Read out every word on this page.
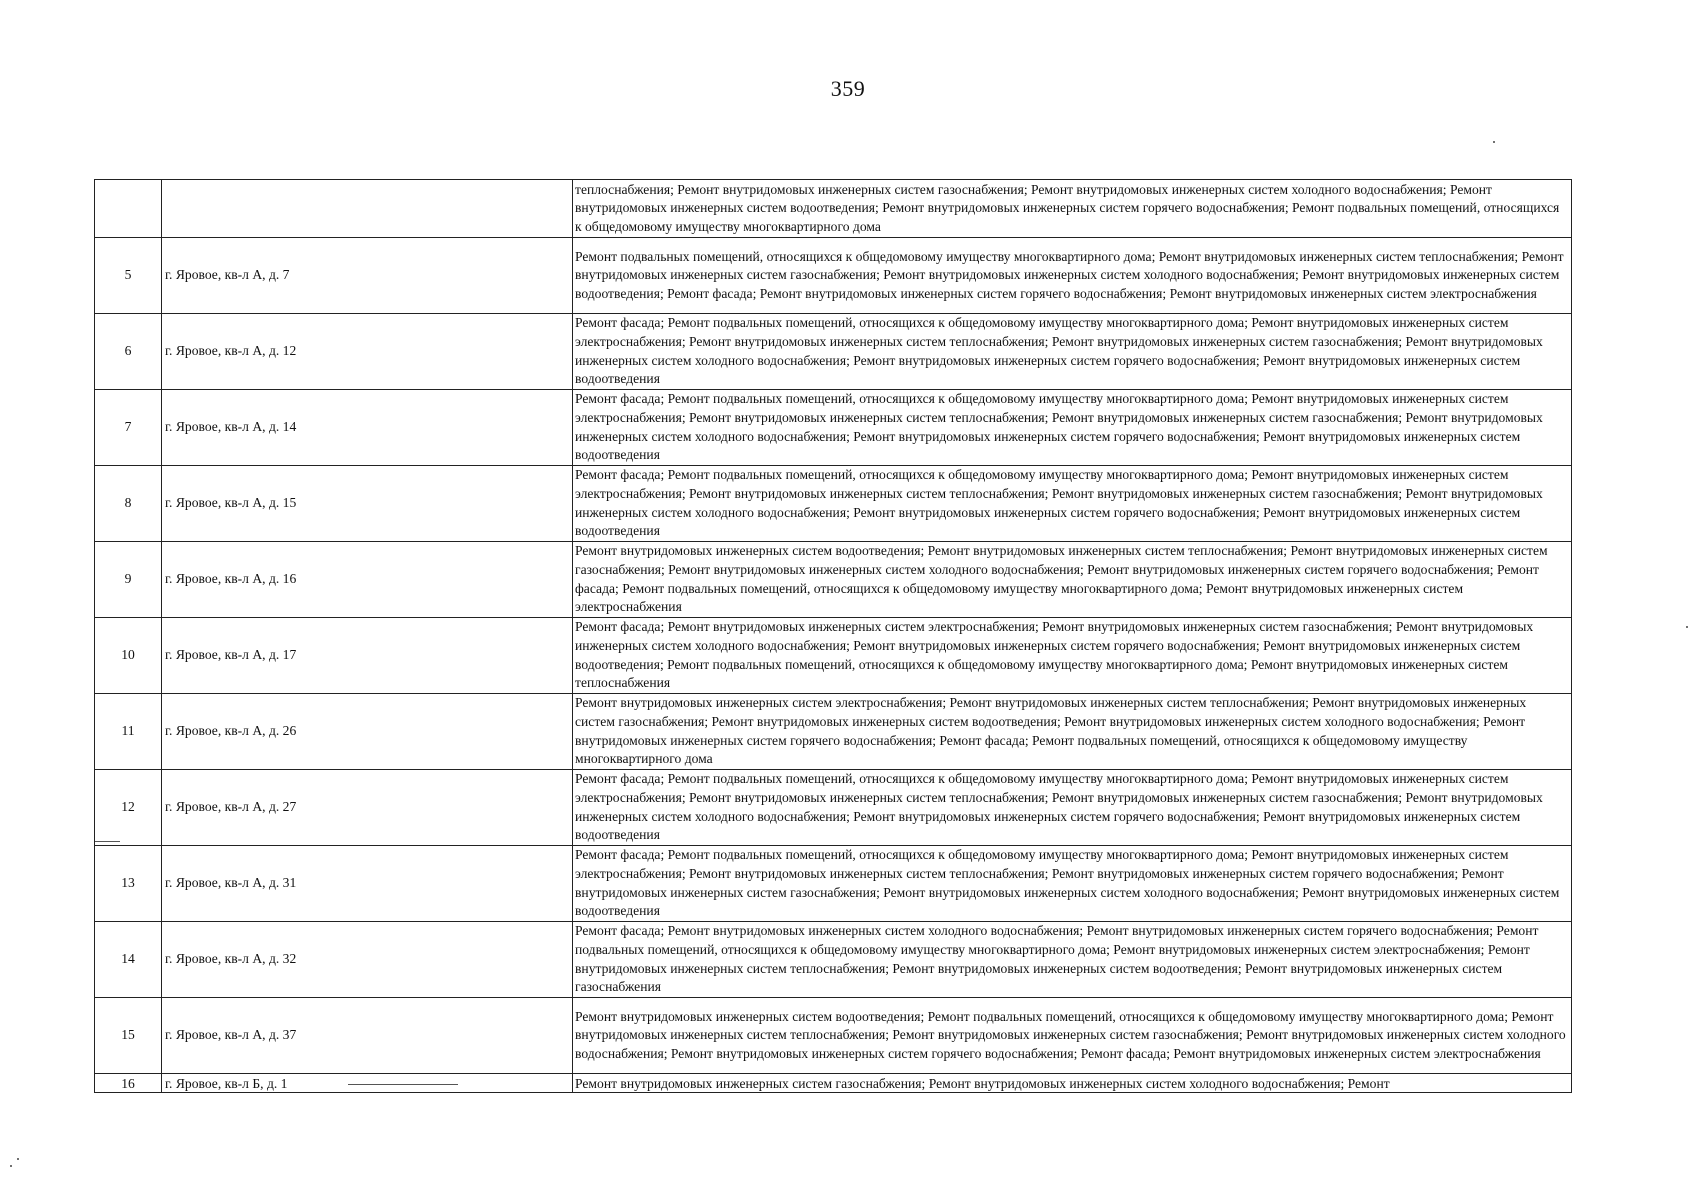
359
		теплоснабжения; Ремонт внутридомовых инженерных систем газоснабжения; Ремонт внутридомовых инженерных систем холодного водоснабжения; Ремонт внутридомовых инженерных систем водоотведения; Ремонт внутридомовых инженерных систем горячего водоснабжения; Ремонт подвальных помещений, относящихся к общедомовому имуществу многоквартирного дома
5	г. Яровое, кв-л А, д. 7	Ремонт подвальных помещений, относящихся к общедомовому имуществу многоквартирного дома; Ремонт внутридомовых инженерных систем теплоснабжения; Ремонт внутридомовых инженерных систем газоснабжения; Ремонт внутридомовых инженерных систем холодного водоснабжения; Ремонт внутридомовых инженерных систем водоотведения; Ремонт фасада; Ремонт внутридомовых инженерных систем горячего водоснабжения; Ремонт внутридомовых инженерных систем электроснабжения
6	г. Яровое, кв-л А, д. 12	Ремонт фасада; Ремонт подвальных помещений, относящихся к общедомовому имуществу многоквартирного дома; Ремонт внутридомовых инженерных систем электроснабжения; Ремонт внутридомовых инженерных систем теплоснабжения; Ремонт внутридомовых инженерных систем газоснабжения; Ремонт внутридомовых инженерных систем холодного водоснабжения; Ремонт внутридомовых инженерных систем горячего водоснабжения; Ремонт внутридомовых инженерных систем водоотведения
7	г. Яровое, кв-л А, д. 14	Ремонт фасада; Ремонт подвальных помещений, относящихся к общедомовому имуществу многоквартирного дома; Ремонт внутридомовых инженерных систем электроснабжения; Ремонт внутридомовых инженерных систем теплоснабжения; Ремонт внутридомовых инженерных систем газоснабжения; Ремонт внутридомовых инженерных систем холодного водоснабжения; Ремонт внутридомовых инженерных систем горячего водоснабжения; Ремонт внутридомовых инженерных систем водоотведения
8	г. Яровое, кв-л А, д. 15	Ремонт фасада; Ремонт подвальных помещений, относящихся к общедомовому имуществу многоквартирного дома; Ремонт внутридомовых инженерных систем электроснабжения; Ремонт внутридомовых инженерных систем теплоснабжения; Ремонт внутридомовых инженерных систем газоснабжения; Ремонт внутридомовых инженерных систем холодного водоснабжения; Ремонт внутридомовых инженерных систем горячего водоснабжения; Ремонт внутридомовых инженерных систем водоотведения
9	г. Яровое, кв-л А, д. 16	Ремонт внутридомовых инженерных систем водоотведения; Ремонт внутридомовых инженерных систем теплоснабжения; Ремонт внутридомовых инженерных систем газоснабжения; Ремонт внутридомовых инженерных систем холодного водоснабжения; Ремонт внутридомовых инженерных систем горячего водоснабжения; Ремонт фасада; Ремонт подвальных помещений, относящихся к общедомовому имуществу многоквартирного дома; Ремонт внутридомовых инженерных систем электроснабжения
10	г. Яровое, кв-л А, д. 17	Ремонт фасада; Ремонт внутридомовых инженерных систем электроснабжения; Ремонт внутридомовых инженерных систем газоснабжения; Ремонт внутридомовых инженерных систем холодного водоснабжения; Ремонт внутридомовых инженерных систем горячего водоснабжения; Ремонт внутридомовых инженерных систем водоотведения; Ремонт подвальных помещений, относящихся к общедомовому имуществу многоквартирного дома; Ремонт внутридомовых инженерных систем теплоснабжения
11	г. Яровое, кв-л А, д. 26	Ремонт внутридомовых инженерных систем электроснабжения; Ремонт внутридомовых инженерных систем теплоснабжения; Ремонт внутридомовых инженерных систем газоснабжения; Ремонт внутридомовых инженерных систем водоотведения; Ремонт внутридомовых инженерных систем холодного водоснабжения; Ремонт внутридомовых инженерных систем горячего водоснабжения; Ремонт фасада; Ремонт подвальных помещений, относящихся к общедомовому имуществу многоквартирного дома
12	г. Яровое, кв-л А, д. 27	Ремонт фасада; Ремонт подвальных помещений, относящихся к общедомовому имуществу многоквартирного дома; Ремонт внутридомовых инженерных систем электроснабжения; Ремонт внутридомовых инженерных систем теплоснабжения; Ремонт внутридомовых инженерных систем газоснабжения; Ремонт внутридомовых инженерных систем холодного водоснабжения; Ремонт внутридомовых инженерных систем горячего водоснабжения; Ремонт внутридомовых инженерных систем водоотведения
13	г. Яровое, кв-л А, д. 31	Ремонт фасада; Ремонт подвальных помещений, относящихся к общедомовому имуществу многоквартирного дома; Ремонт внутридомовых инженерных систем электроснабжения; Ремонт внутридомовых инженерных систем теплоснабжения; Ремонт внутридомовых инженерных систем горячего водоснабжения; Ремонт внутридомовых инженерных систем газоснабжения; Ремонт внутридомовых инженерных систем холодного водоснабжения; Ремонт внутридомовых инженерных систем водоотведения
14	г. Яровое, кв-л А, д. 32	Ремонт фасада; Ремонт внутридомовых инженерных систем холодного водоснабжения; Ремонт внутридомовых инженерных систем горячего водоснабжения; Ремонт подвальных помещений, относящихся к общедомовому имуществу многоквартирного дома; Ремонт внутридомовых инженерных систем электроснабжения; Ремонт внутридомовых инженерных систем теплоснабжения; Ремонт внутридомовых инженерных систем водоотведения; Ремонт внутридомовых инженерных систем газоснабжения
15	г. Яровое, кв-л А, д. 37	Ремонт внутридомовых инженерных систем водоотведения; Ремонт подвальных помещений, относящихся к общедомовому имуществу многоквартирного дома; Ремонт внутридомовых инженерных систем теплоснабжения; Ремонт внутридомовых инженерных систем газоснабжения; Ремонт внутридомовых инженерных систем холодного водоснабжения; Ремонт внутридомовых инженерных систем горячего водоснабжения; Ремонт фасада; Ремонт внутридомовых инженерных систем электроснабжения
16	г. Яровое, кв-л Б, д. 1	Ремонт внутридомовых инженерных систем газоснабжения; Ремонт внутридомовых инженерных систем холодного водоснабжения; Ремонт
